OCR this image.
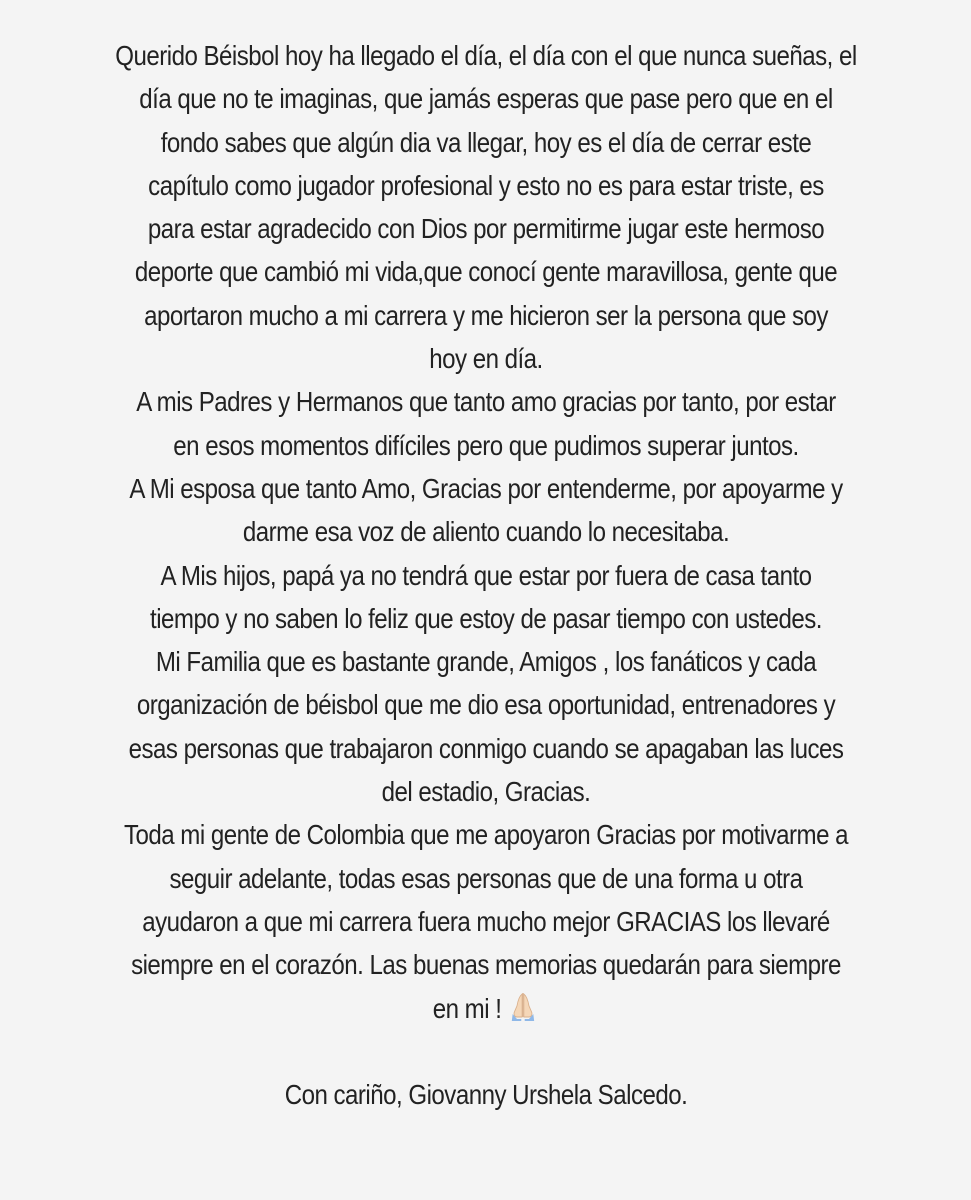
Querido Béisbol hoy ha llegado el día, el día con el que nunca sueñas, el
día que no te imaginas, que jamás esperas que pase pero que en el
fondo sabes que algún dia va llegar, hoy es el día de cerrar este
capítulo como jugador profesional y esto no es para estar triste, es
para estar agradecido con Dios por permitirme jugar este hermoso
deporte que cambió mi vida,que conocí gente maravillosa, gente que
aportaron mucho a mi carrera y me hicieron ser la persona que soy
hoy en día.
A mis Padres y Hermanos que tanto amo gracias por tanto, por estar
en esos momentos difíciles pero que pudimos superar juntos.
A Mi esposa que tanto Amo, Gracias por entenderme, por apoyarme y
darme esa voz de aliento cuando lo necesitaba.
A Mis hijos, papá ya no tendrá que estar por fuera de casa tanto
tiempo y no saben lo feliz que estoy de pasar tiempo con ustedes.
Mi Familia que es bastante grande, Amigos , los fanáticos y cada
organización de béisbol que me dio esa oportunidad, entrenadores y
esas personas que trabajaron conmigo cuando se apagaban las luces
del estadio, Gracias.
Toda mi gente de Colombia que me apoyaron Gracias por motivarme a
seguir adelante, todas esas personas que de una forma u otra
ayudaron a que mi carrera fuera mucho mejor GRACIAS los llevaré
siempre en el corazón. Las buenas memorias quedarán para siempre
en mi !
Con cariño, Giovanny Urshela Salcedo.
